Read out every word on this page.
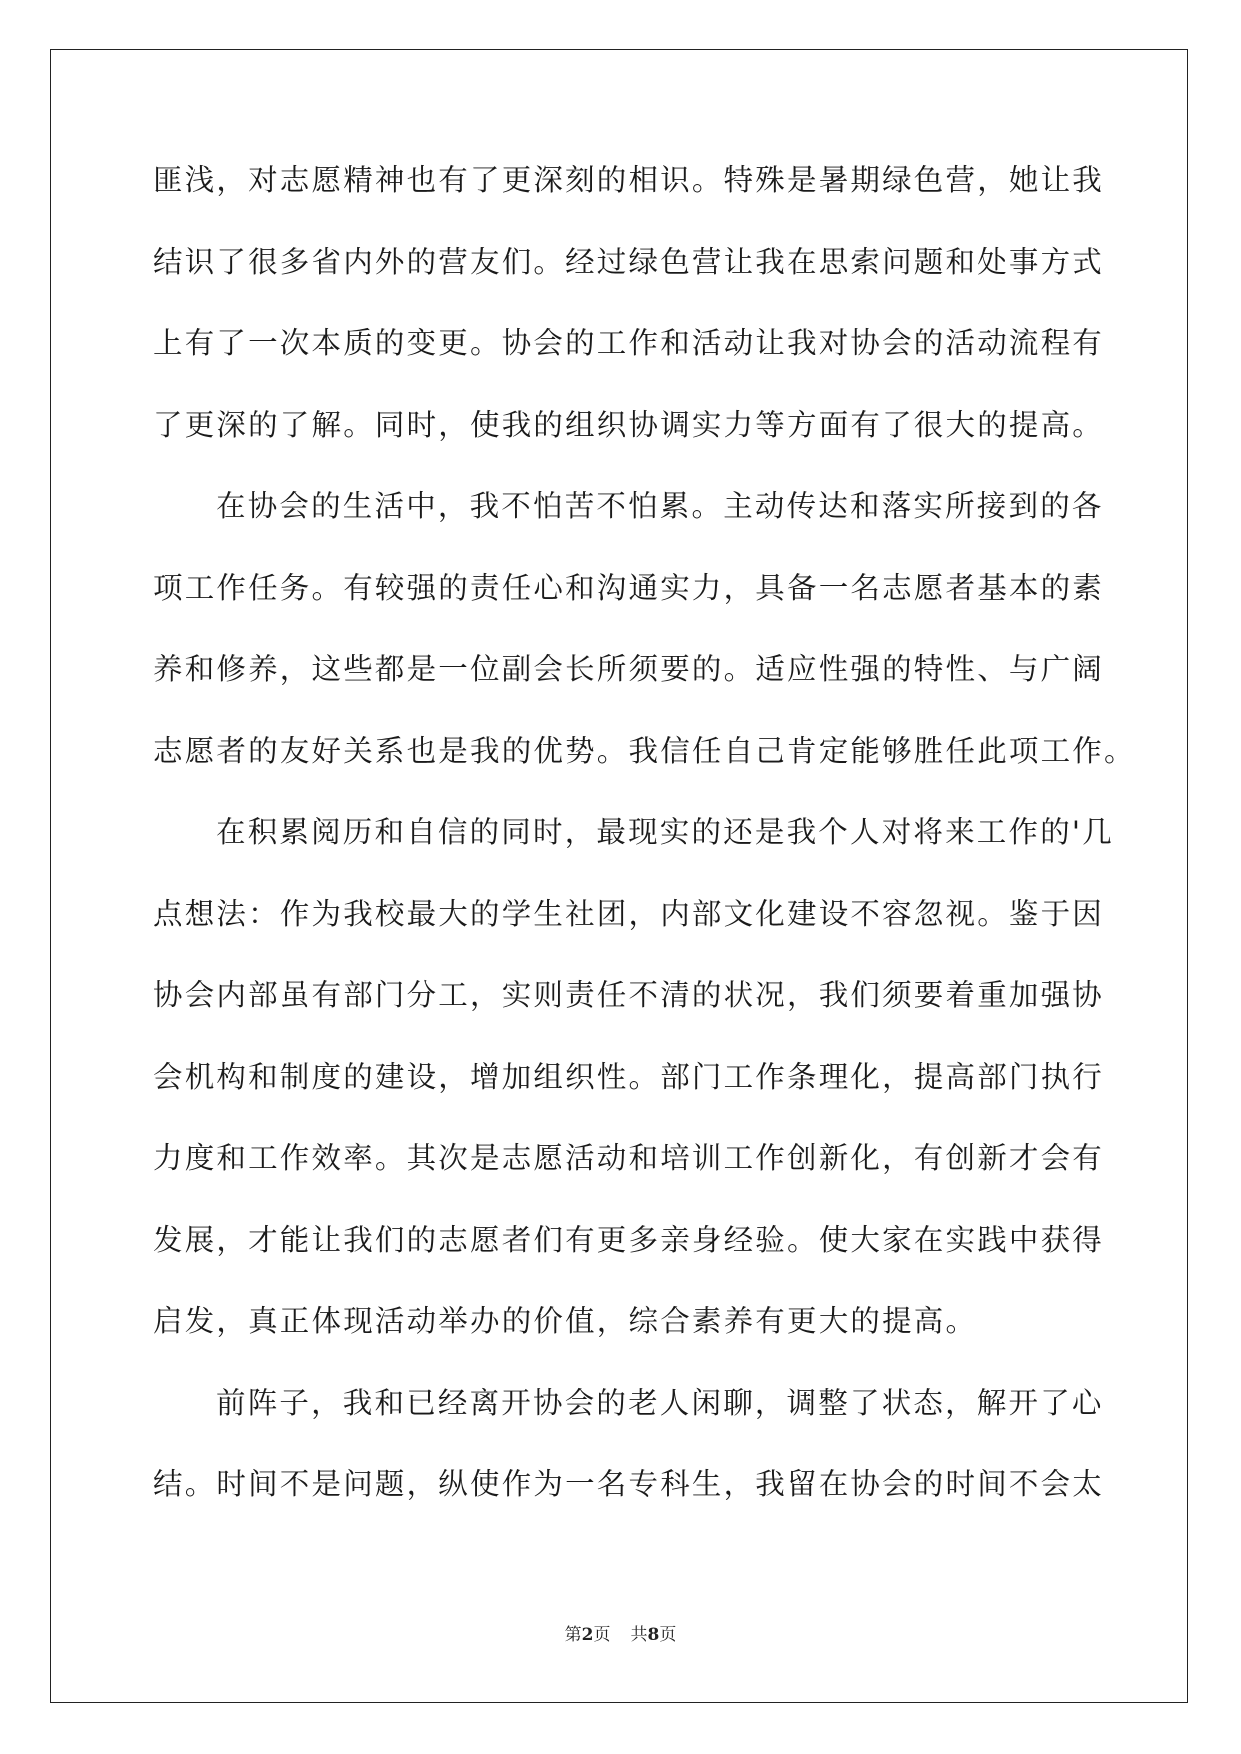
匪浅，对志愿精神也有了更深刻的相识。特殊是暑期绿色营，她让我
结识了很多省内外的营友们。经过绿色营让我在思索问题和处事方式
上有了一次本质的变更。协会的工作和活动让我对协会的活动流程有
了更深的了解。同时，使我的组织协调实力等方面有了很大的提高。
在协会的生活中，我不怕苦不怕累。主动传达和落实所接到的各
项工作任务。有较强的责任心和沟通实力，具备一名志愿者基本的素
养和修养，这些都是一位副会长所须要的。适应性强的特性、与广阔
志愿者的友好关系也是我的优势。我信任自己肯定能够胜任此项工作。
在积累阅历和自信的同时，最现实的还是我个人对将来工作的'几
点想法：作为我校最大的学生社团，内部文化建设不容忽视。鉴于因
协会内部虽有部门分工，实则责任不清的状况，我们须要着重加强协
会机构和制度的建设，增加组织性。部门工作条理化，提高部门执行
力度和工作效率。其次是志愿活动和培训工作创新化，有创新才会有
发展，才能让我们的志愿者们有更多亲身经验。使大家在实践中获得
启发，真正体现活动举办的价值，综合素养有更大的提高。
前阵子，我和已经离开协会的老人闲聊，调整了状态，解开了心
结。时间不是问题，纵使作为一名专科生，我留在协会的时间不会太
第2页 共8页
